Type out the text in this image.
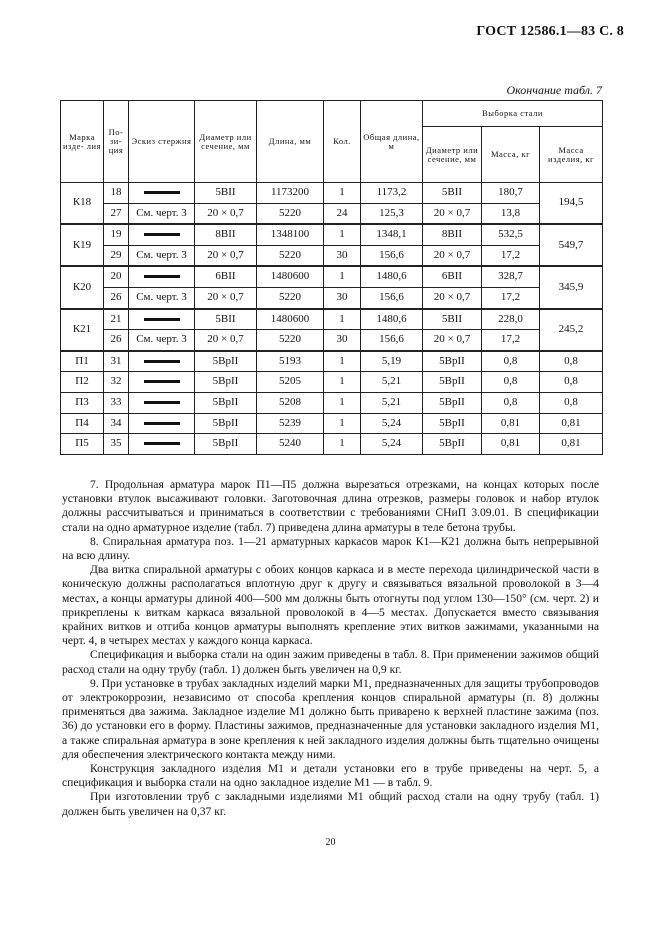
ГОСТ 12586.1—83 С. 8
Окончание табл. 7
Марка изде- лия	По- зи- ция	Эскиз стержня	Диаметр или сечение, мм	Длина, мм	Кол.	Общая длина, м	Выборка стали		
							Диаметр или сечение, мм	Масса, кг	Масса изделия, кг
К18	18		5ВII	1173200	1	1173,2	5ВII	180,7	194,5
	27	См. черт. 3	20 × 0,7	5220	24	125,3	20 × 0,7	13,8	
К19	19		8ВII	1348100	1	1348,1	8ВII	532,5	549,7
	29	См. черт. 3	20 × 0,7	5220	30	156,6	20 × 0,7	17,2	
К20	20		6ВII	1480600	1	1480,6	6ВII	328,7	345,9
	26	См. черт. 3	20 × 0,7	5220	30	156,6	20 × 0,7	17,2	
К21	21		5ВII	1480600	1	1480,6	5ВII	228,0	245,2
	26	См. черт. 3	20 × 0,7	5220	30	156,6	20 × 0,7	17,2	
П1	31		5ВрII	5193	1	5,19	5ВрII	0,8	0,8
П2	32		5ВрII	5205	1	5,21	5ВрII	0,8	0,8
П3	33		5ВрII	5208	1	5,21	5ВрII	0,8	0,8
П4	34		5ВрII	5239	1	5,24	5ВрII	0,81	0,81
П5	35		5ВрII	5240	1	5,24	5ВрII	0,81	0,81

7. Продольная арматура марок П1—П5 должна вырезаться отрезками, на концах которых после установки втулок высаживают головки. Заготовочная длина отрезков, размеры головок и набор втулок должны рассчитываться и приниматься в соответствии с требованиями СНиП 3.09.01. В спецификации стали на одно арматурное изделие (табл. 7) приведена длина арматуры в теле бетона трубы.

8. Спиральная арматура поз. 1—21 арматурных каркасов марок К1—К21 должна быть непрерывной на всю длину.

Два витка спиральной арматуры с обоих концов каркаса и в месте перехода цилиндрической части в коническую должны располагаться вплотную друг к другу и связываться вязальной проволокой в 3—4 местах, а концы арматуры длиной 400—500 мм должны быть отогнуты под углом 130—150° (см. черт. 2) и прикреплены к виткам каркаса вязальной проволокой в 4—5 местах. Допускается вместо связывания крайних витков и отгиба концов арматуры выполнять крепление этих витков зажимами, указанными на черт. 4, в четырех местах у каждого конца каркаса.

Спецификация и выборка стали на один зажим приведены в табл. 8. При применении зажимов общий расход стали на одну трубу (табл. 1) должен быть увеличен на 0,9 кг.

9. При установке в трубах закладных изделий марки М1, предназначенных для защиты трубопроводов от электрокоррозии, независимо от способа крепления концов спиральной арматуры (п. 8) должны применяться два зажима. Закладное изделие М1 должно быть приварено к верхней пластине зажима (поз. 36) до установки его в форму. Пластины зажимов, предназначенные для установки закладного изделия М1, а также спиральная арматура в зоне крепления к ней закладного изделия должны быть тщательно очищены для обеспечения электрического контакта между ними.

Конструкция закладного изделия М1 и детали установки его в трубе приведены на черт. 5, а спецификация и выборка стали на одно закладное изделие М1 — в табл. 9.

При изготовлении труб с закладными изделиями М1 общий расход стали на одну трубу (табл. 1) должен быть увеличен на 0,37 кг.

20
